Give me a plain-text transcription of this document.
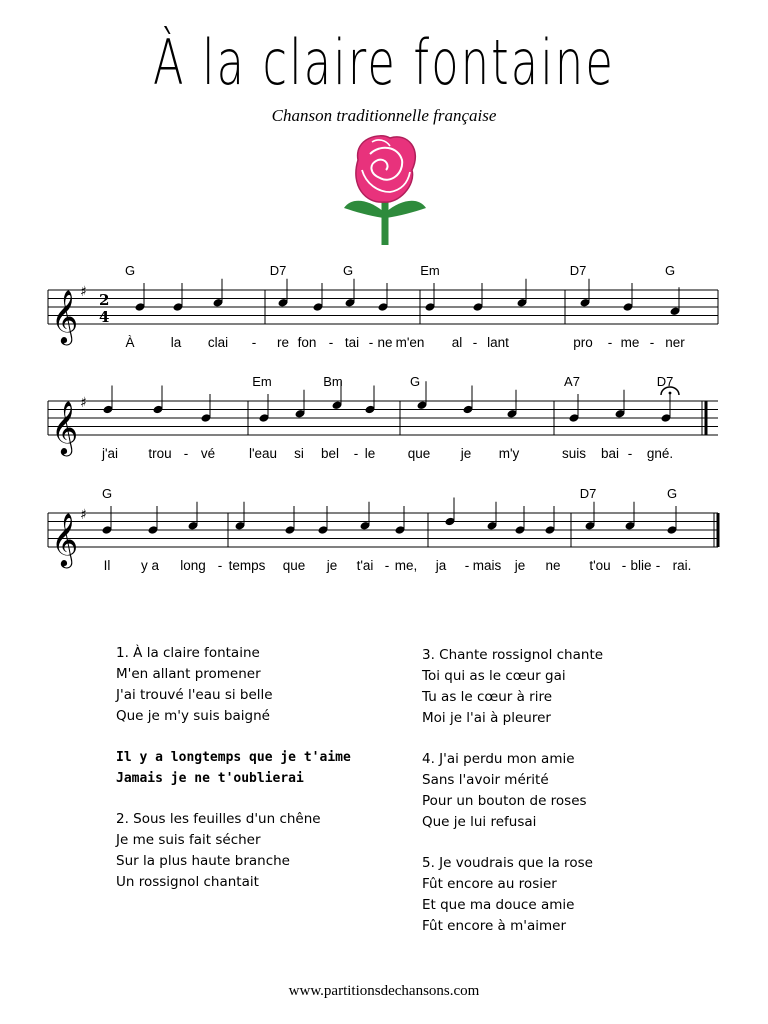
À la claire fontaine
Chanson traditionnelle française
𝄞 ♯ 2
4
𝄞 ♯
𝄞 ♯
G	D7	G	Em	D7	G
Em	Bm	G	A7	D7
G	D7	G
À	la clai - re fon - tai - ne m'en al - lant	pro - me - ner
j'ai trou - vé	l'eau si bel - le que je m'y	suis bai - gné.
Il y a long - temps que je t'ai - me, ja - mais je ne t'ou - blie - rai.
1. À la claire fontaine
M'en allant promener
J'ai trouvé l'eau si belle
Que je m'y suis baigné
Il y a longtemps que je t'aime
Jamais je ne t'oublierai
2. Sous les feuilles d'un chêne
Je me suis fait sécher
Sur la plus haute branche
Un rossignol chantait
3. Chante rossignol chante
Toi qui as le cœur gai
Tu as le cœur à rire
Moi je l'ai à pleurer
4. J'ai perdu mon amie
Sans l'avoir mérité
Pour un bouton de roses
Que je lui refusai
5. Je voudrais que la rose
Fût encore au rosier
Et que ma douce amie
Fût encore à m'aimer
www.partitionsdechansons.com
